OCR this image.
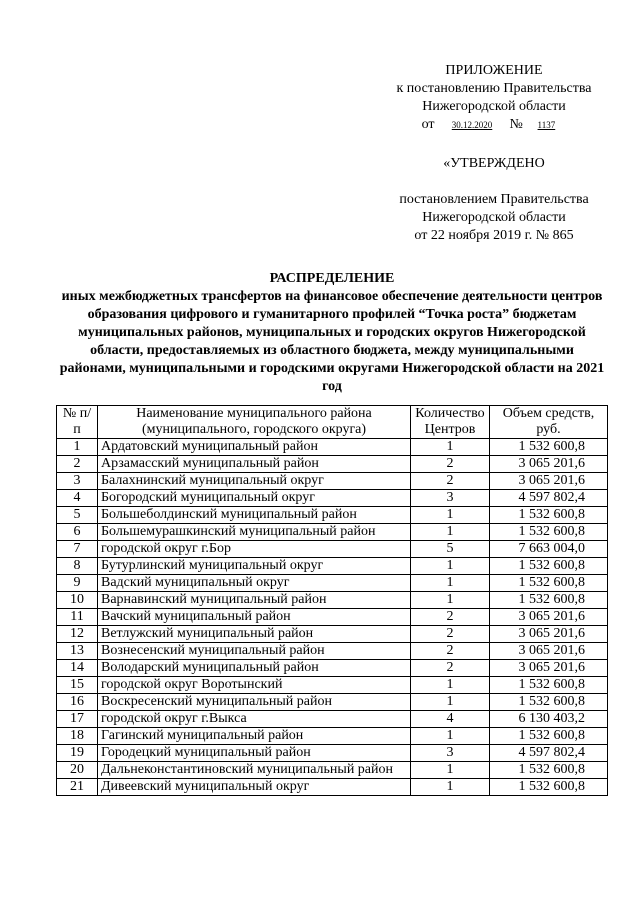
ПРИЛОЖЕНИЕ
к постановлению Правительства
Нижегородской области
от 30.12.2020 № 1137
«УТВЕРЖДЕНО
постановлением Правительства
Нижегородской области
от 22 ноября 2019 г. № 865
РАСПРЕДЕЛЕНИЕ
иных межбюджетных трансфертов на финансовое обеспечение деятельности центров образования цифрового и гуманитарного профилей “Точка роста” бюджетам муниципальных районов, муниципальных и городских округов Нижегородской области, предоставляемых из областного бюджета, между муниципальными районами, муниципальными и городскими округами Нижегородской области на 2021 год
№ п/п	Наименование муниципального района (муниципального, городского округа)	Количество Центров	Объем средств, руб.
1	Ардатовский муниципальный район	1	1 532 600,8
2	Арзамасский муниципальный район	2	3 065 201,6
3	Балахнинский муниципальный округ	2	3 065 201,6
4	Богородский муниципальный округ	3	4 597 802,4
5	Большеболдинский муниципальный район	1	1 532 600,8
6	Большемурашкинский муниципальный район	1	1 532 600,8
7	городской округ г.Бор	5	7 663 004,0
8	Бутурлинский муниципальный округ	1	1 532 600,8
9	Вадский муниципальный округ	1	1 532 600,8
10	Варнавинский муниципальный район	1	1 532 600,8
11	Вачский муниципальный район	2	3 065 201,6
12	Ветлужский муниципальный район	2	3 065 201,6
13	Вознесенский муниципальный район	2	3 065 201,6
14	Володарский муниципальный район	2	3 065 201,6
15	городской округ Воротынский	1	1 532 600,8
16	Воскресенский муниципальный район	1	1 532 600,8
17	городской округ г.Выкса	4	6 130 403,2
18	Гагинский муниципальный район	1	1 532 600,8
19	Городецкий муниципальный район	3	4 597 802,4
20	Дальнеконстантиновский муниципальный район	1	1 532 600,8
21	Дивеевский муниципальный округ	1	1 532 600,8
